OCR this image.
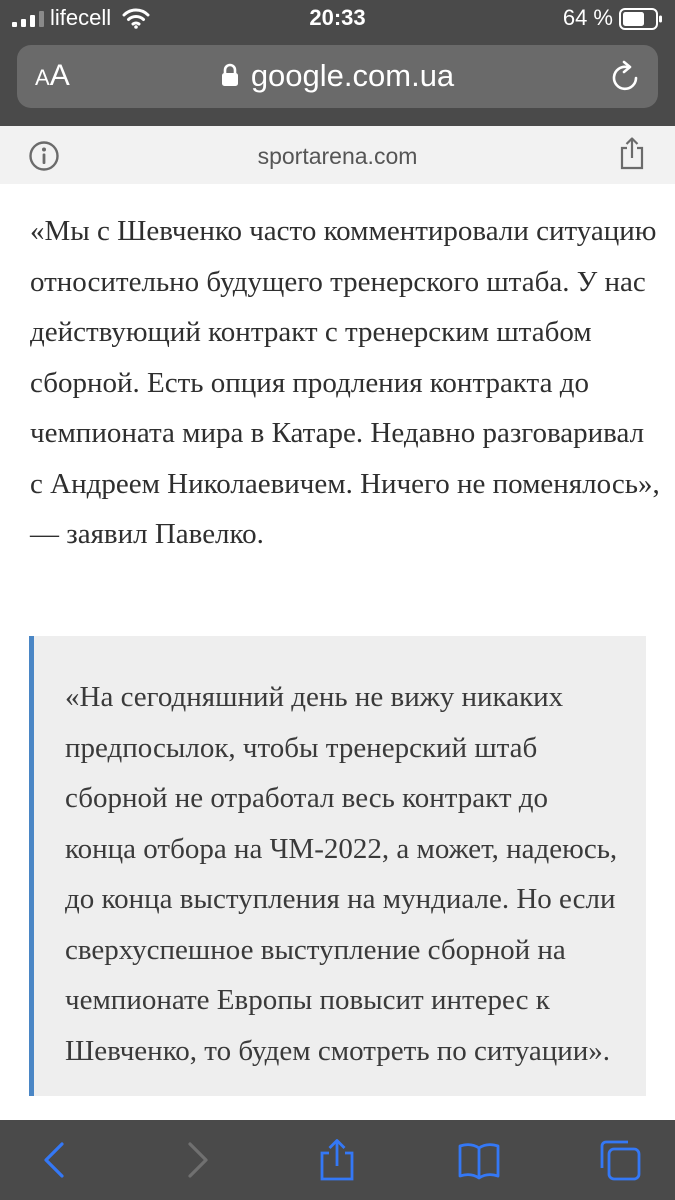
lifecell	20:33	64 %
AA	google.com.ua
sportarena.com

«Мы с Шевченко часто комментировали ситуацию относительно будущего тренерского штаба. У нас действующий контракт с тренерским штабом сборной. Есть опция продления контракта до чемпионата мира в Катаре. Недавно разговаривал с Андреем Николаевичем. Ничего не поменялось», — заявил Павелко.

«На сегодняшний день не вижу никаких предпосылок, чтобы тренерский штаб сборной не отработал весь контракт до конца отбора на ЧМ-2022, а может, надеюсь, до конца выступления на мундиале. Но если сверхуспешное выступление сборной на чемпионате Европы повысит интерес к Шевченко, то будем смотреть по ситуации».
